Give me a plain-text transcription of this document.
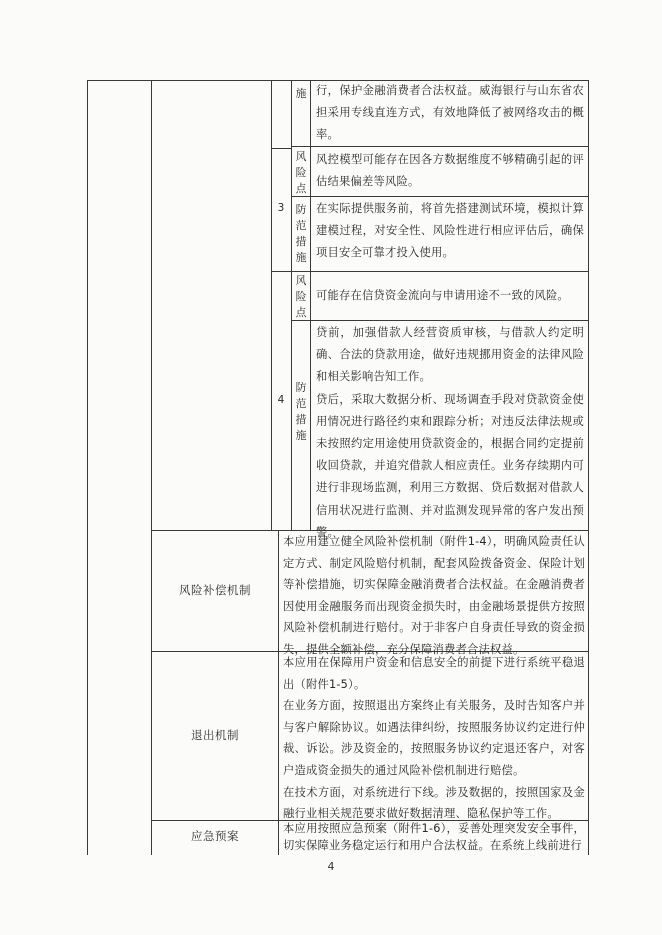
施 行，保护金融消费者合法权益。威海银行与山东省农担采用专线直连方式，有效地降低了被网络攻击的概率。
3
风险点
风控模型可能存在因各方数据维度不够精确引起的评估结果偏差等风险。
防范措施
在实际提供服务前，将首先搭建测试环境，模拟计算建模过程，对安全性、风险性进行相应评估后，确保项目安全可靠才投入使用。
4
风险点
可能存在信贷资金流向与申请用途不一致的风险。
防范措施

贷前，加强借款人经营资质审核，与借款人约定明确、合法的贷款用途，做好违规挪用资金的法律风险和相关影响告知工作。

贷后，采取大数据分析、现场调查手段对贷款资金使用情况进行路径约束和跟踪分析；对违反法律法规或未按照约定用途使用贷款资金的，根据合同约定提前收回贷款，并追究借款人相应责任。业务存续期内可进行非现场监测，利用三方数据、贷后数据对借款人信用状况进行监测、并对监测发现异常的客户发出预警。

风险补偿机制
本应用建立健全风险补偿机制（附件1-4），明确风险责任认定方式、制定风险赔付机制，配套风险拨备资金、保险计划等补偿措施，切实保障金融消费者合法权益。在金融消费者因使用金融服务而出现资金损失时，由金融场景提供方按照风险补偿机制进行赔付。对于非客户自身责任导致的资金损失，提供全额补偿，充分保障消费者合法权益。
退出机制

本应用在保障用户资金和信息安全的前提下进行系统平稳退出（附件1-5）。

在业务方面，按照退出方案终止有关服务，及时告知客户并与客户解除协议。如遇法律纠纷，按照服务协议约定进行仲裁、诉讼。涉及资金的，按照服务协议约定退还客户，对客户造成资金损失的通过风险补偿机制进行赔偿。

在技术方面，对系统进行下线。涉及数据的，按照国家及金融行业相关规范要求做好数据清理、隐私保护等工作。

应急预案
本应用按照应急预案（附件1-6），妥善处理突发安全事件，切实保障业务稳定运行和用户合法权益。在系统上线前进行
4
